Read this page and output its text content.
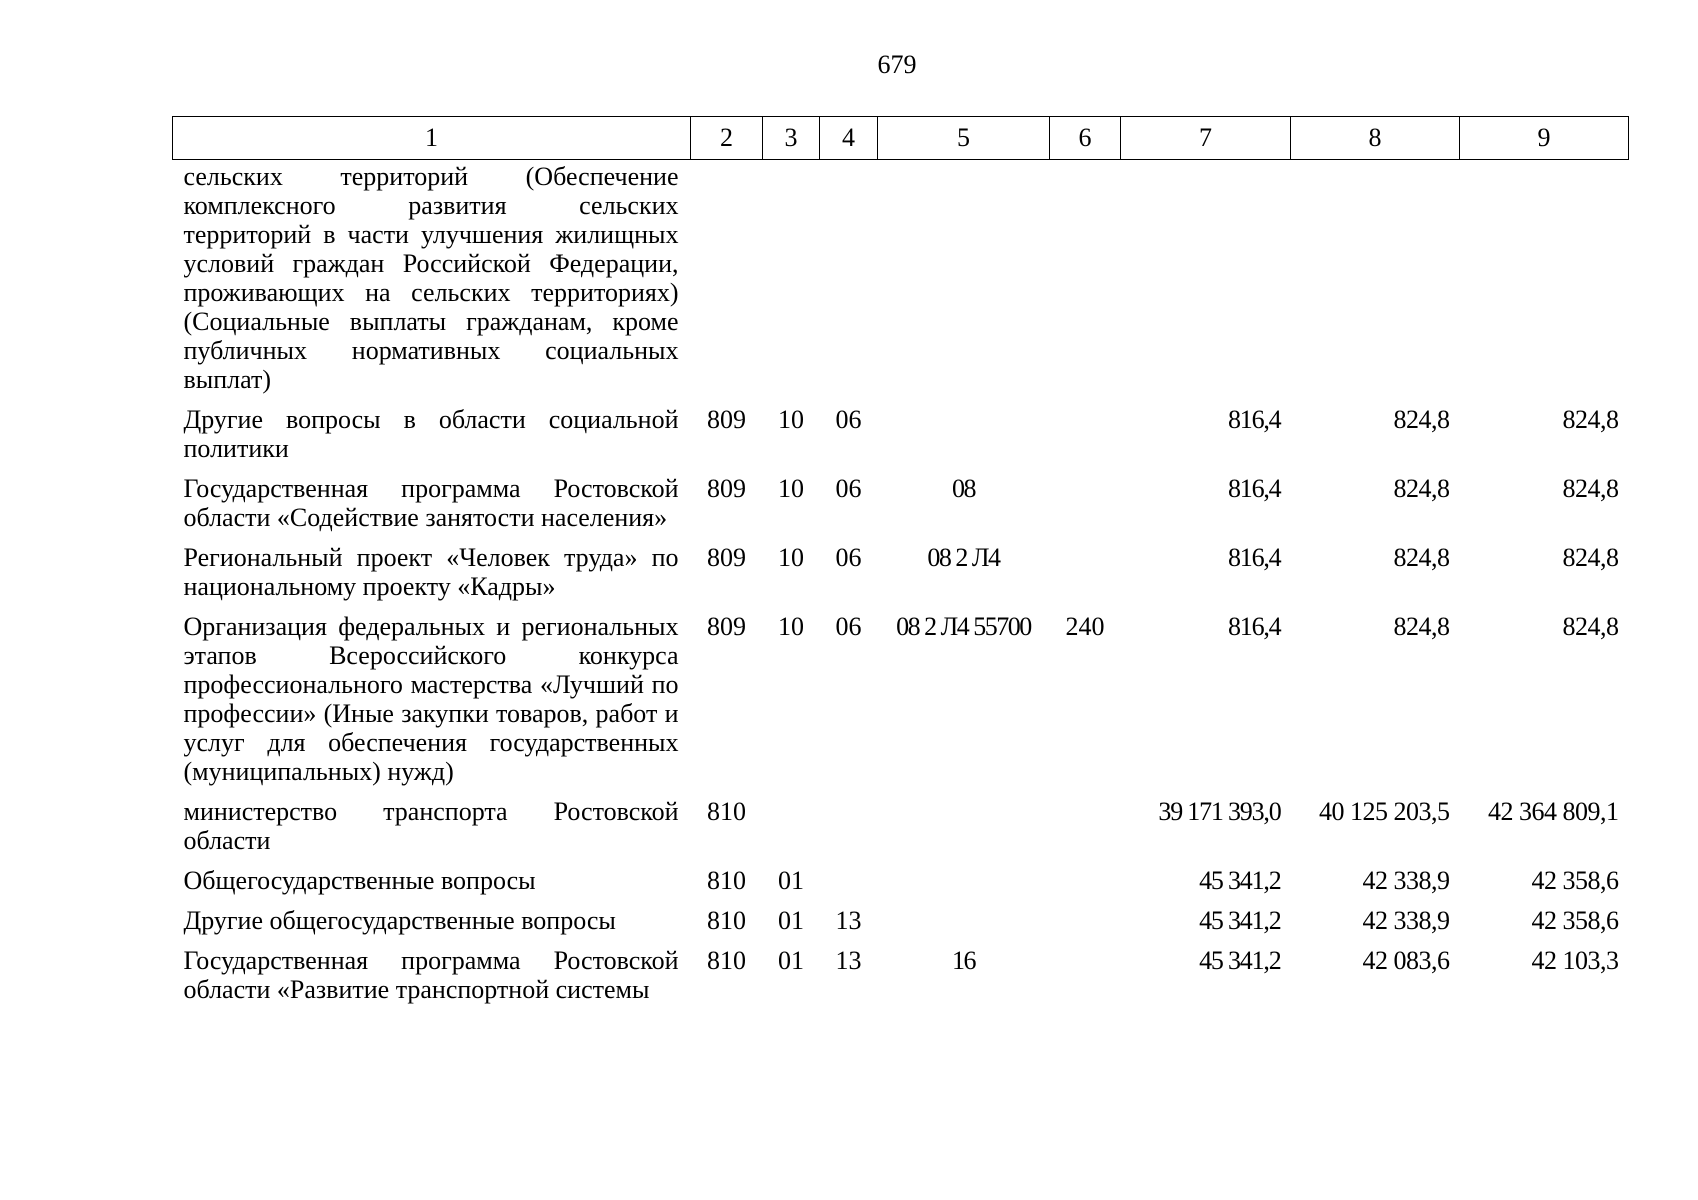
679
1	2	3	4	5	6	7	8	9
сельских территорий (Обеспечение комплексного развития сельских территорий в части улучшения жилищных условий граждан Российской Федерации, проживающих на сельских территориях) (Социальные выплаты гражданам, кроме публичных нормативных социальных выплат)								
Другие вопросы в области социальной политики	809	10	06			816,4	824,8	824,8
Государственная программа Ростовской области «Содействие занятости населения»	809	10	06	08		816,4	824,8	824,8
Региональный проект «Человек труда» по национальному проекту «Кадры»	809	10	06	08 2 Л4		816,4	824,8	824,8
Организация федеральных и региональных этапов Всероссийского конкурса профессионального мастерства «Лучший по профессии» (Иные закупки товаров, работ и услуг для обеспечения государственных (муниципальных) нужд)	809	10	06	08 2 Л4 55700	240	816,4	824,8	824,8
министерство транспорта Ростовской области	810					39 171 393,0	40 125 203,5	42 364 809,1
Общегосударственные вопросы	810	01				45 341,2	42 338,9	42 358,6
Другие общегосударственные вопросы	810	01	13			45 341,2	42 338,9	42 358,6
Государственная программа Ростовской области «Развитие транспортной системы	810	01	13	16		45 341,2	42 083,6	42 103,3
